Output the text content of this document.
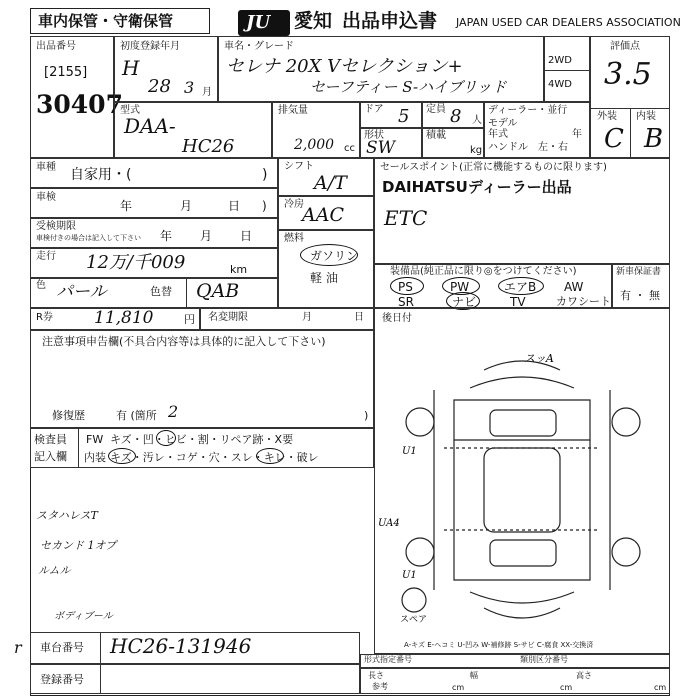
車内保管・守衛保管	JU 愛知 出品申込書 JAPAN USED CAR DEALERS ASSOCIATION
出品番号
[2155]
30407
初度登録年月
H
28 3 月
車名・グレード
セレナ 20X Vセレクション+
セーフティー S-ハイブリッド
2WD
4WD
評価点
3.5
外装 内装
C B
型式
DAA-
HC26
排気量
2,000 cc
ドア 5 定員 8 人
形状
SW
積載
kg
ディーラー・並行
モデル
年式	年
ハンドル 左・右
車種 自家用・(	)
車検
年	月	日 )
受検期限
車検付きの場合は記入して下さい 年 月 日
走行 12万/千009	km
色 パール	色替 QAB
シフト
A/T
冷房
AAC
燃料
ガソリン
軽 油
セールスポイント(正常に機能するものに限ります)
DAIHATSUディーラー出品
ETC
装備品(純正品に限り◎をつけてください)
PS	PW	エアB AW
SR	ナビ	TV	カワシート
新車保証書
有 ・ 無
R券 11,810	円 名変期限	月	日
注意事項申告欄(不具合内容等は具体的に記入して下さい)
修復歴	有 (箇所	)
2
検査員
記入欄
FW キズ・凹・ヒビ・割・リペア跡・X要
内装 キズ・汚レ・コゲ・穴・スレ・キレ・破レ
スタハレスT
セカンド 1オプ
ルムル
ボディブール
r
後日付
スッA
U1
UA4
U1
スペア
A-キズ E-ヘコミ U-凹み W-補修跡 S-サビ C-腐食 XX-交換済
車台番号 HC26-131946
登録番号
形式指定番号	類別区分番号
長さ	幅	高さ
参考	cm	cm	cm
